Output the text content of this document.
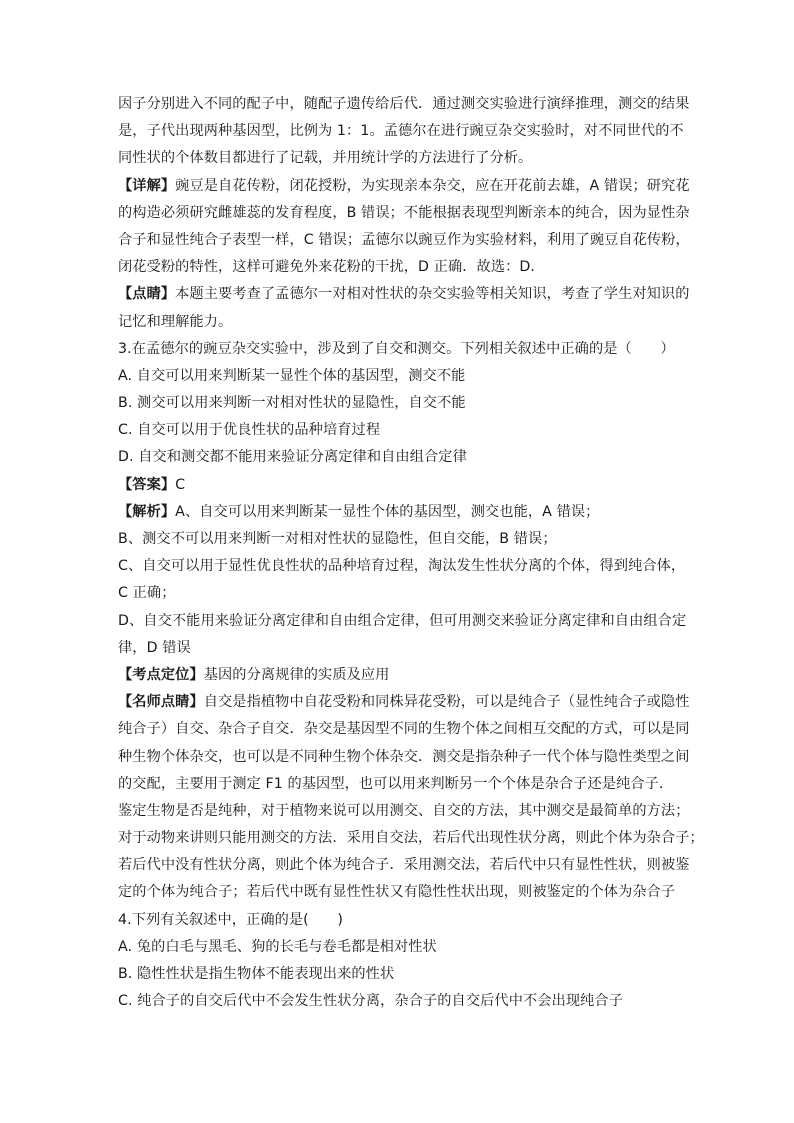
因子分别进入不同的配子中，随配子遗传给后代．通过测交实验进行演绎推理，测交的结果
是，子代出现两种基因型，比例为 1：1。孟德尔在进行豌豆杂交实验时，对不同世代的不
同性状的个体数目都进行了记载，并用统计学的方法进行了分析。
【详解】豌豆是自花传粉，闭花授粉，为实现亲本杂交，应在开花前去雄，A 错误；研究花
的构造必须研究雌雄蕊的发育程度，B 错误；不能根据表现型判断亲本的纯合，因为显性杂
合子和显性纯合子表型一样，C 错误；孟德尔以豌豆作为实验材料，利用了豌豆自花传粉，
闭花受粉的特性，这样可避免外来花粉的干扰，D 正确．故选：D．
【点睛】本题主要考查了孟德尔一对相对性状的杂交实验等相关知识，考查了学生对知识的
记忆和理解能力。
3.在孟德尔的豌豆杂交实验中，涉及到了自交和测交。下列相关叙述中正确的是（　　）
A. 自交可以用来判断某一显性个体的基因型，测交不能
B. 测交可以用来判断一对相对性状的显隐性，自交不能
C. 自交可以用于优良性状的品种培育过程
D. 自交和测交都不能用来验证分离定律和自由组合定律
【答案】C
【解析】A、自交可以用来判断某一显性个体的基因型，测交也能，A 错误；
B、测交不可以用来判断一对相对性状的显隐性，但自交能，B 错误；
C、自交可以用于显性优良性状的品种培育过程，淘汰发生性状分离的个体，得到纯合体，
C 正确；
D、自交不能用来验证分离定律和自由组合定律，但可用测交来验证分离定律和自由组合定
律，D 错误
【考点定位】基因的分离规律的实质及应用
【名师点睛】自交是指植物中自花受粉和同株异花受粉，可以是纯合子（显性纯合子或隐性
纯合子）自交、杂合子自交．杂交是基因型不同的生物个体之间相互交配的方式，可以是同
种生物个体杂交，也可以是不同种生物个体杂交．测交是指杂种子一代个体与隐性类型之间
的交配，主要用于测定 F1 的基因型，也可以用来判断另一个个体是杂合子还是纯合子．
鉴定生物是否是纯种，对于植物来说可以用测交、自交的方法，其中测交是最简单的方法；
对于动物来讲则只能用测交的方法．采用自交法，若后代出现性状分离，则此个体为杂合子；
若后代中没有性状分离，则此个体为纯合子．采用测交法，若后代中只有显性性状，则被鉴
定的个体为纯合子；若后代中既有显性性状又有隐性性状出现，则被鉴定的个体为杂合子
4.下列有关叙述中，正确的是(　　)
A. 兔的白毛与黑毛、狗的长毛与卷毛都是相对性状
B. 隐性性状是指生物体不能表现出来的性状
C. 纯合子的自交后代中不会发生性状分离，杂合子的自交后代中不会出现纯合子
